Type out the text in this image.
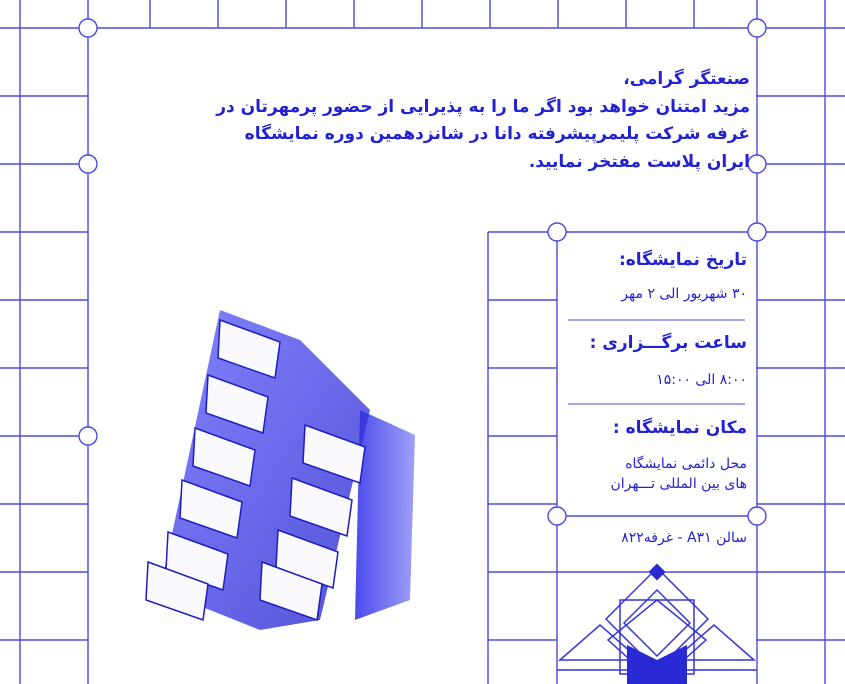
صنعتگر گرامی،
مزید امتنان خواهد بود اگر ما را به پذیرایی از حضور پرمهرتان در
غرفه شرکت پلیمرپیشرفته دانا در شانزدهمین دوره نمایشگاه
ایران پلاست مفتخر نمایید.
تاریخ نمایشگاه:
۳۰ شهریور الی ۲ مهر
ساعت برگـــزاری :
۸:۰۰ الی ۱۵:۰۰
مکان نمایشگاه :
محل دائمی نمایشگاه
های بین المللی تـــهران
سالن A۳۱ - غرفه۸۲۲
